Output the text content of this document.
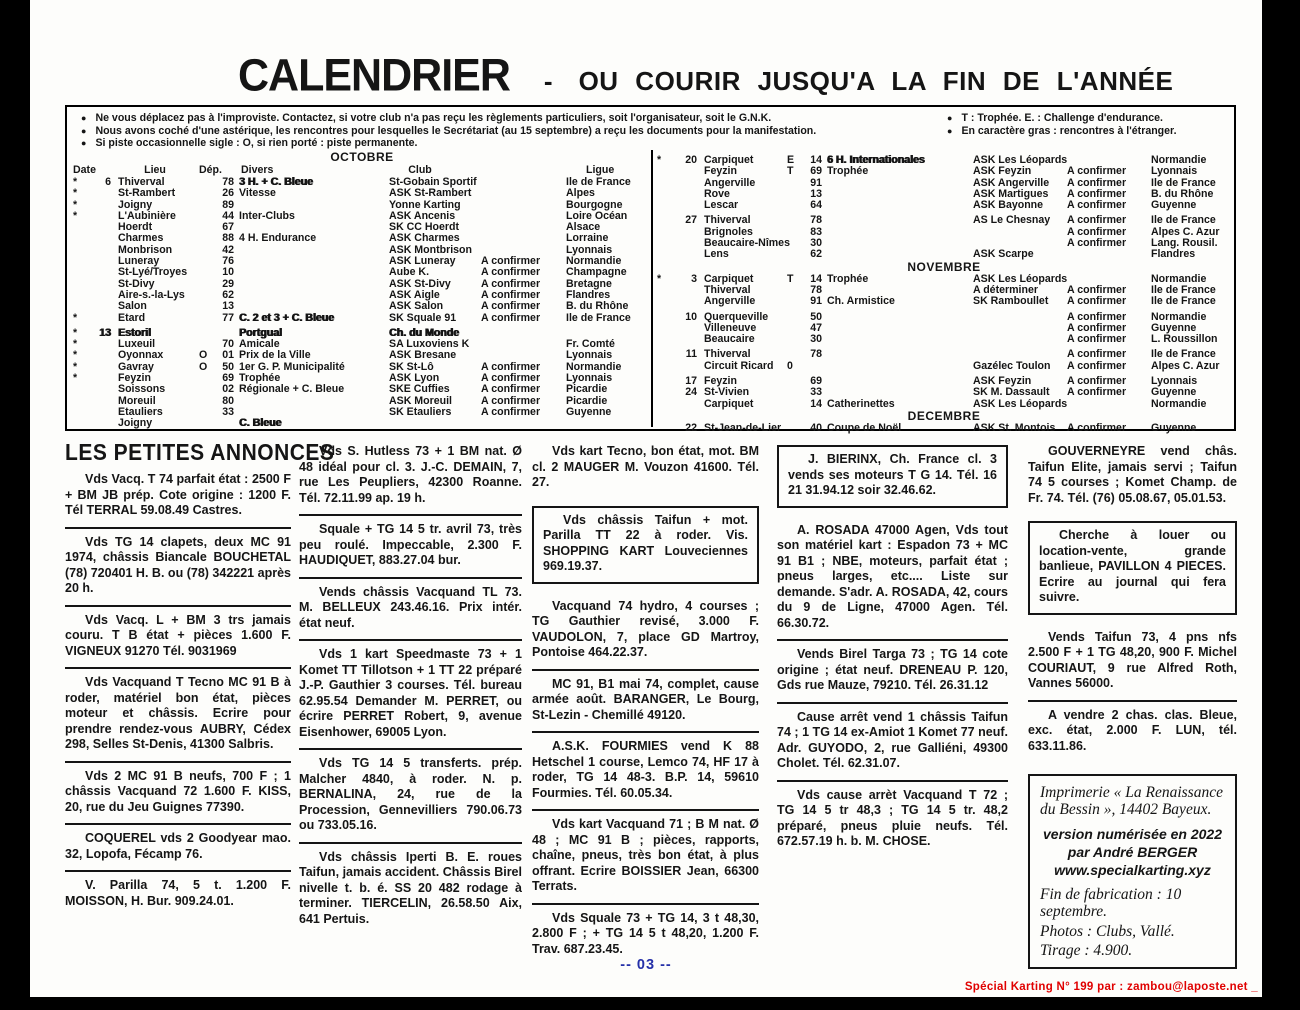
CALENDRIER - OU COURIR JUSQU'A LA FIN DE L'ANNÉE
● Ne vous déplacez pas à l'improviste. Contactez, si votre club n'a pas reçu les règlements particuliers, soit l'organisateur, soit le G.N.K.
● Nous avons coché d'une astérique, les rencontres pour lesquelles le Secrétariat (au 15 septembre) a reçu les documents pour la manifestation.
● Si piste occasionnelle sigle : O, si rien porté : piste permanente.
● T : Trophée. E. : Challenge d'endurance.
● En caractère gras : rencontres à l'étranger.
OCTOBRE
Date	Lieu	Dép.	Divers	Club	Ligue
*	6 Thiverval	78 3 H. + C. Bleue	St-Gobain Sportif	Ile de France
*	St-Rambert	26 Vitesse	ASK St-Rambert	Alpes
*	Joigny	89	Yonne Karting	Bourgogne
*	L'Aubinière	44 Inter-Clubs	ASK Ancenis	Loire Océan
Hoerdt	67	SK CC Hoerdt	Alsace
Charmes	88 4 H. Endurance	ASK Charmes	Lorraine
Monbrison	42	ASK Montbrison	Lyonnais
Luneray	76	ASK Luneray	A confirmer	Normandie
St-Lyé/Troyes	10	Aube K.	A confirmer	Champagne
St-Divy	29	ASK St-Divy	A confirmer	Bretagne
Aire-s.-la-Lys	62	ASK Aigle	A confirmer	Flandres
Salon	13	ASK Salon	A confirmer	B. du Rhône
*	Etard	77 C. 2 et 3 + C. Bleue	SK Squale 91	A confirmer	Ile de France
*	13 Estoril	Portgual	Ch. du Monde
*	Luxeuil	70 Amicale	SA Luxoviens K	Fr. Comté
*	Oyonnax	O	01 Prix de la Ville	ASK Bresane	Lyonnais
*	Gavray	O	50 1er G. P. Municipalité	SK St-Lô	A confirmer	Normandie
*	Feyzin	69 Trophée	ASK Lyon	A confirmer	Lyonnais
Soissons	02 Régionale + C. Bleue	SKE Cuffies	A confirmer	Picardie
Moreuil	80	ASK Moreuil	A confirmer	Picardie
Etauliers	33	SK Etauliers	A confirmer	Guyenne
Joigny	C. Bleue
*	20 Carpiquet	E	14 6 H. Internationales	ASK Les Léopards	Normandie
Feyzin	T	69 Trophée	ASK Feyzin	A confirmer	Lyonnais
Angerville	91	ASK Angerville	A confirmer	Ile de France
Rove	13	ASK Martigues	A confirmer	B. du Rhône
Lescar	64	ASK Bayonne	A confirmer	Guyenne
27 Thiverval	78	AS Le Chesnay	A confirmer	Ile de France
Brignoles	83	A confirmer	Alpes C. Azur
Beaucaire-Nîmes	30	A confirmer	Lang. Rousil.
Lens	62	ASK Scarpe	Flandres
NOVEMBRE
*	3 Carpiquet	T	14 Trophée	ASK Les Léopards	Normandie
Thiverval	78	A déterminer	A confirmer	Ile de France
Angerville	91 Ch. Armistice	SK Ramboullet	A confirmer	Ile de France
10 Querqueville	50	A confirmer	Normandie
Villeneuve	47	A confirmer	Guyenne
Beaucaire	30	A confirmer	L. Roussillon
11 Thiverval	78	A confirmer	Ile de France
Circuit Ricard	0	Gazélec Toulon	A confirmer	Alpes C. Azur
17 Feyzin	69	ASK Feyzin	A confirmer	Lyonnais
24 St-Vivien	33	SK M. Dassault	A confirmer	Guyenne
Carpiquet	14 Catherinettes	ASK Les Léopards	Normandie
DECEMBRE
22 St-Jean-de-Lier	40 Coupe de Noël	ASK St. Montois	A confirmer	Guyenne
LES PETITES ANNONCES

Vds Vacq. T 74 parfait état : 2500 F + BM JB prép. Cote origine : 1200 F. Tél TERRAL 59.08.49 Castres.

Vds TG 14 clapets, deux MC 91 1974, châssis Biancale BOUCHETAL (78) 720401 H. B. ou (78) 342221 après 20 h.

Vds Vacq. L + BM 3 trs jamais couru. T B état + pièces 1.600 F. VIGNEUX 91270 Tél. 9031969

Vds Vacquand T Tecno MC 91 B à roder, matériel bon état, pièces moteur et châssis. Ecrire pour prendre rendez-vous AUBRY, Cédex 298, Selles St-Denis, 41300 Salbris.

Vds 2 MC 91 B neufs, 700 F ; 1 châssis Vacquand 72 1.600 F. KISS, 20, rue du Jeu Guignes 77390.

COQUEREL vds 2 Goodyear mao. 32, Lopofa, Fécamp 76.

V. Parilla 74, 5 t. 1.200 F. MOISSON, H. Bur. 909.24.01.

Vds S. Hutless 73 + 1 BM nat. Ø 48 idéal pour cl. 3. J.-C. DEMAIN, 7, rue Les Peupliers, 42300 Roanne. Tél. 72.11.99 ap. 19 h.

Squale + TG 14 5 tr. avril 73, très peu roulé. Impeccable, 2.300 F. HAUDIQUET, 883.27.04 bur.

Vends châssis Vacquand TL 73. M. BELLEUX 243.46.16. Prix intér. état neuf.

Vds 1 kart Speedmaste 73 + 1 Komet TT Tillotson + 1 TT 22 préparé J.-P. Gauthier 3 courses. Tél. bureau 62.95.54 Demander M. PERRET, ou écrire PERRET Robert, 9, avenue Eisenhower, 69005 Lyon.

Vds TG 14 5 transferts. prép. Malcher 4840, à roder. N. p. BERNALINA, 24, rue de la Procession, Gennevilliers 790.06.73 ou 733.05.16.

Vds châssis Iperti B. E. roues Taifun, jamais accident. Châssis Birel nivelle t. b. é. SS 20 482 rodage à terminer. TIERCELIN, 26.58.50 Aix, 641 Pertuis.

Vds kart Tecno, bon état, mot. BM cl. 2 MAUGER M. Vouzon 41600. Tél. 27.

Vds châssis Taifun + mot. Parilla TT 22 à roder. Vis. SHOPPING KART Louveciennes 969.19.37.

Vacquand 74 hydro, 4 courses ; TG Gauthier revisé, 3.000 F. VAUDOLON, 7, place GD Martroy, Pontoise 464.22.37.

MC 91, B1 mai 74, complet, cause armée août. BARANGER, Le Bourg, St-Lezin - Chemillé 49120.

A.S.K. FOURMIES vend K 88 Hetschel 1 course, Lemco 74, HF 17 à roder, TG 14 48-3. B.P. 14, 59610 Fourmies. Tél. 60.05.34.

Vds kart Vacquand 71 ; B M nat. Ø 48 ; MC 91 B ; pièces, rapports, chaîne, pneus, très bon état, à plus offrant. Ecrire BOISSIER Jean, 66300 Terrats.

Vds Squale 73 + TG 14, 3 t 48,30, 2.800 F ; + TG 14 5 t 48,20, 1.200 F. Trav. 687.23.45.

J. BIERINX, Ch. France cl. 3 vends ses moteurs T G 14. Tél. 16 21 31.94.12 soir 32.46.62.

A. ROSADA 47000 Agen, Vds tout son matériel kart : Espadon 73 + MC 91 B1 ; NBE, moteurs, parfait état ; pneus larges, etc.... Liste sur demande. S'adr. A. ROSADA, 42, cours du 9 de Ligne, 47000 Agen. Tél. 66.30.72.

Vends Birel Targa 73 ; TG 14 cote origine ; état neuf. DRENEAU P. 120, Gds rue Mauze, 79210. Tél. 26.31.12

Cause arrêt vend 1 châssis Taifun 74 ; 1 TG 14 ex-Amiot 1 Komet 77 neuf. Adr. GUYODO, 2, rue Galliéni, 49300 Cholet. Tél. 62.31.07.

Vds cause arrèt Vacquand T 72 ; TG 14 5 tr 48,3 ; TG 14 5 tr. 48,2 préparé, pneus pluie neufs. Tél. 672.57.19 h. b. M. CHOSE.

GOUVERNEYRE vend châs. Taifun Elite, jamais servi ; Taifun 74 5 courses ; Komet Champ. de Fr. 74. Tél. (76) 05.08.67, 05.01.53.

Cherche à louer ou location-vente, grande banlieue, PAVILLON 4 PIECES. Ecrire au journal qui fera suivre.

Vends Taifun 73, 4 pns nfs 2.500 F + 1 TG 48,20, 900 F. Michel COURIAUT, 9 rue Alfred Roth, Vannes 56000.

A vendre 2 chas. clas. Bleue, exc. état, 2.000 F. LUN, tél. 633.11.86.

Imprimerie « La Renaissance du Bessin », 14402 Bayeux.

version numérisée en 2022

par André BERGER

www.specialkarting.xyz

Fin de fabrication : 10 septembre.

Photos : Clubs, Vallé.

Tirage : 4.900.

-- 03 --
Spécial Karting N° 199 par : zambou@laposte.net _
